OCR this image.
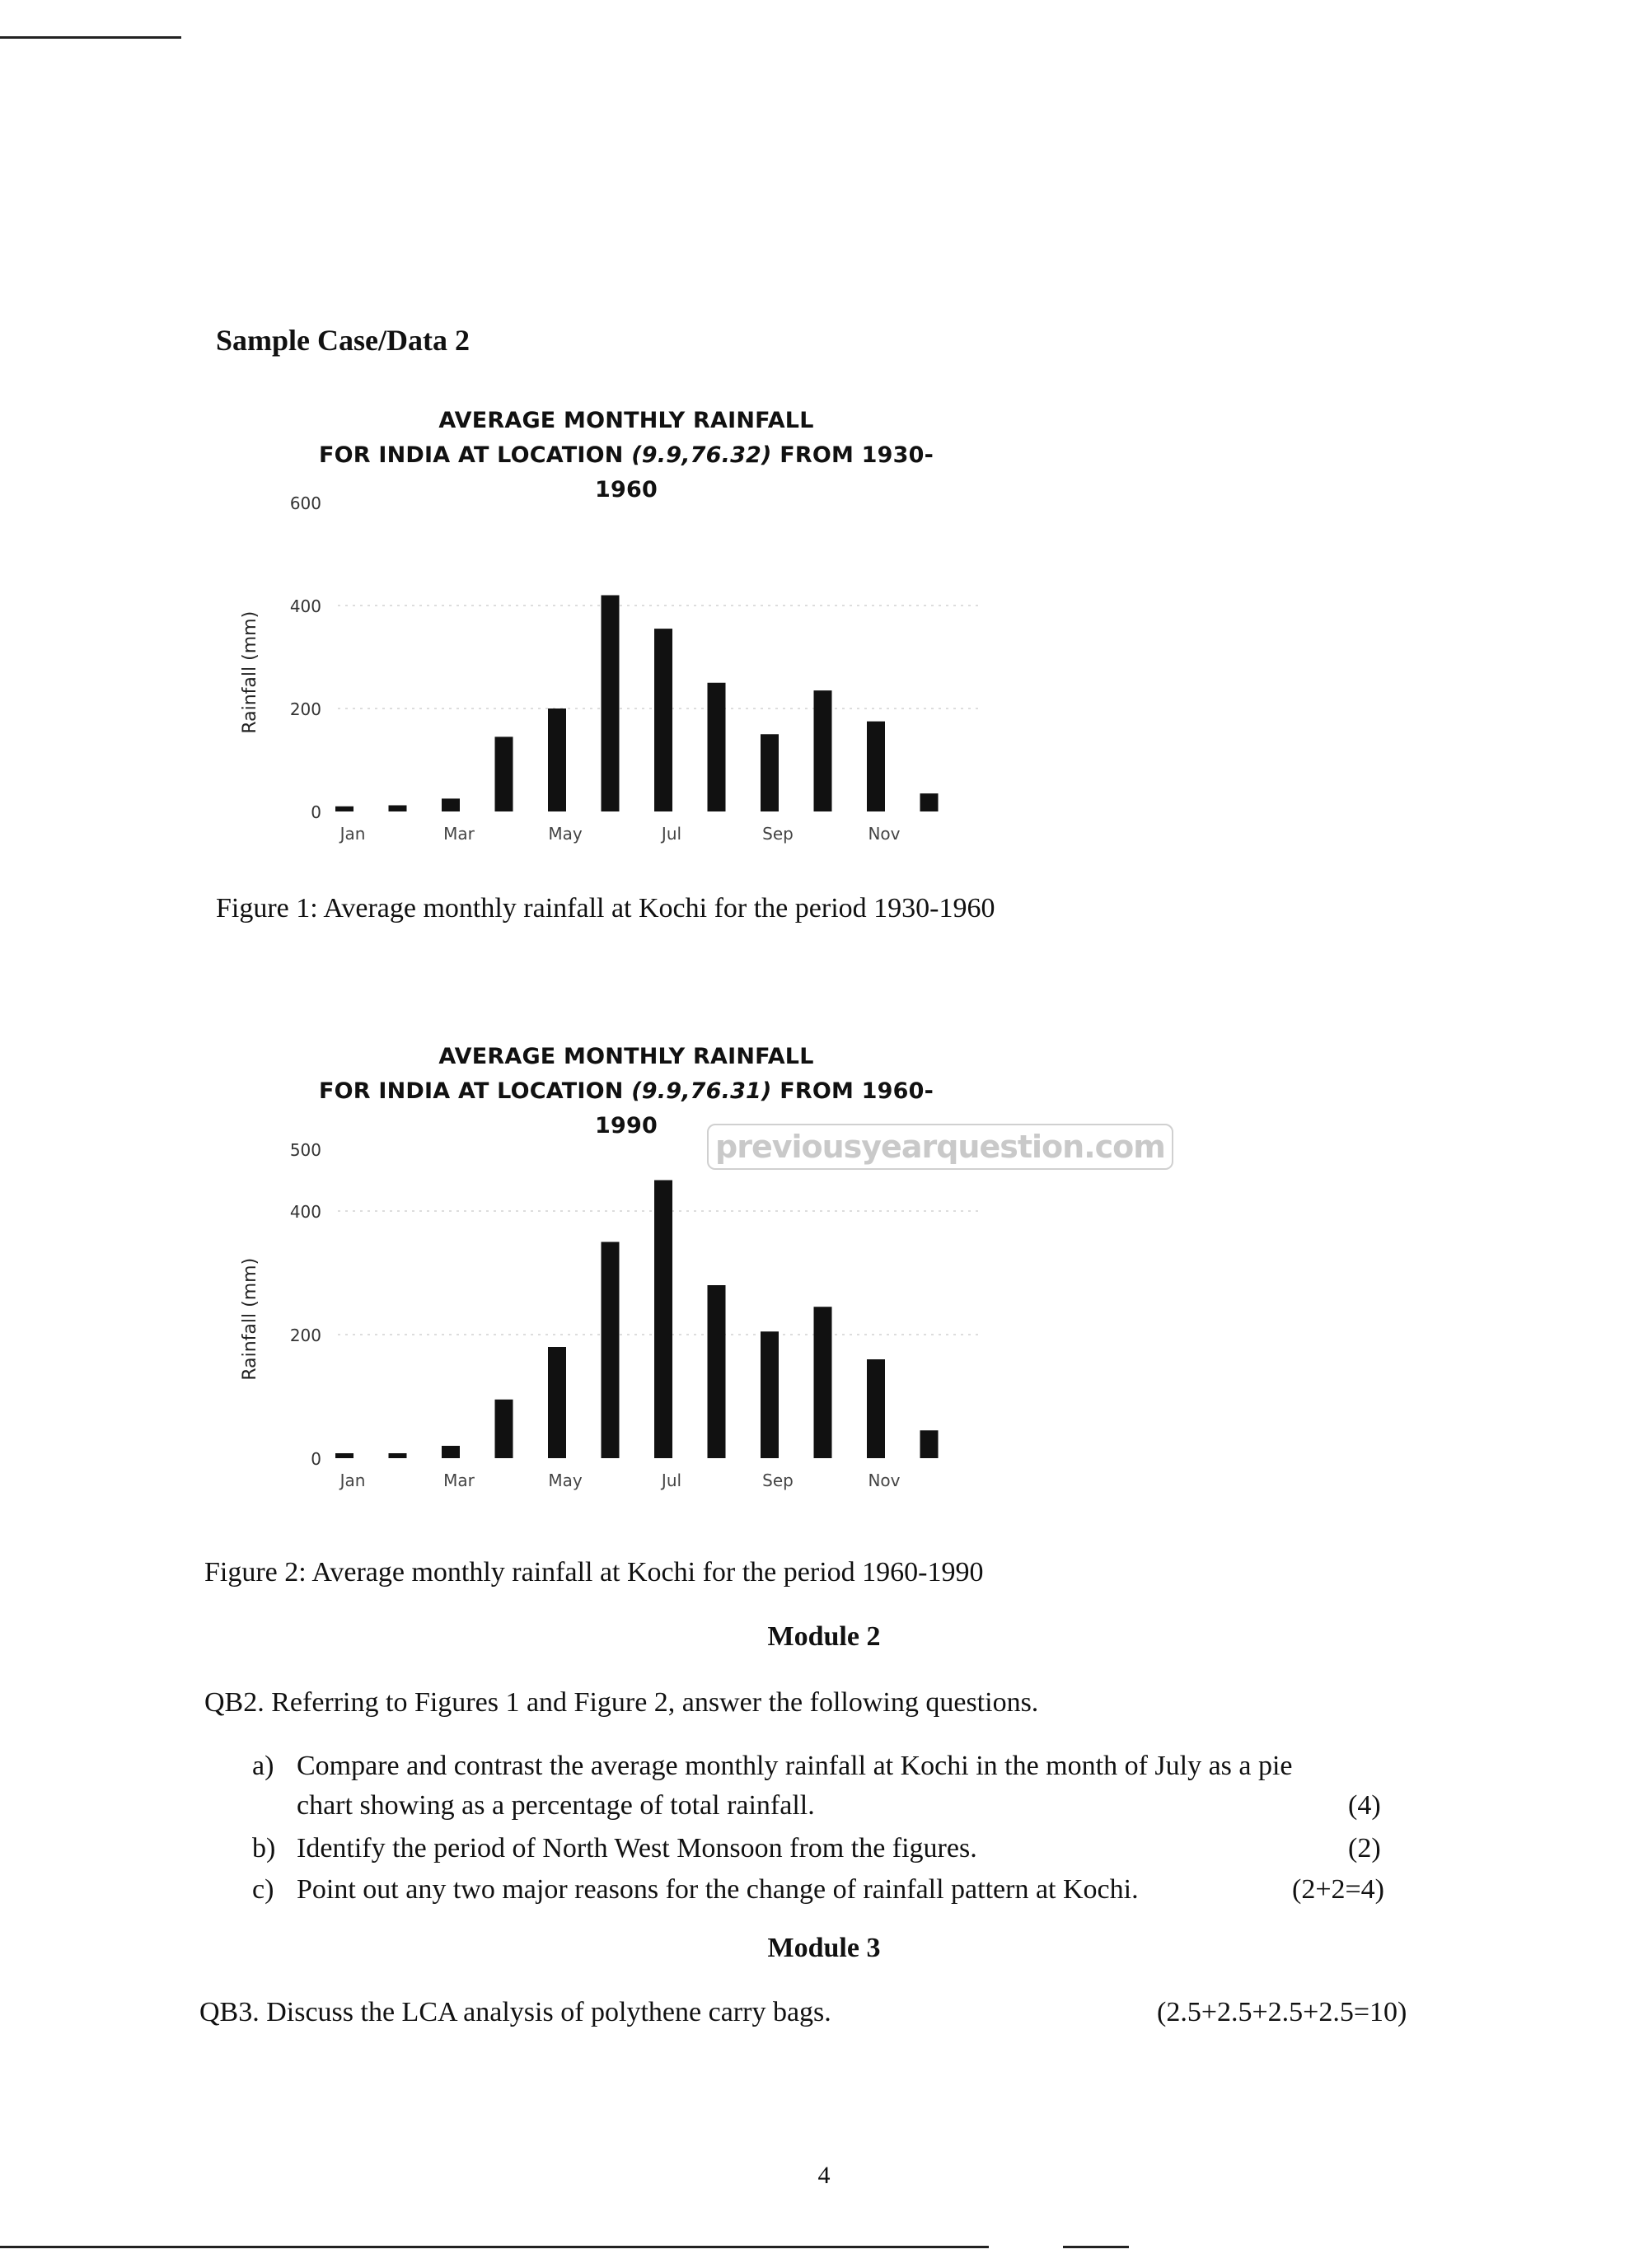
Sample Case/Data 2
AVERAGE MONTHLY RAINFALL
FOR INDIA AT LOCATION (9.9,76.32) FROM 1930-1960
0
200
400
600
Rainfall (mm)
Jan	Mar	May	Jul	Sep	Nov
Figure 1: Average monthly rainfall at Kochi for the period 1930-1960
AVERAGE MONTHLY RAINFALL
FOR INDIA AT LOCATION (9.9,76.31) FROM 1960-1990
previousyearquestion.com
0
200
400
500
Rainfall (mm)
Jan	Mar	May	Jul	Sep	Nov
Figure 2: Average monthly rainfall at Kochi for the period 1960-1990
Module 2
QB2. Referring to Figures 1 and Figure 2, answer the following questions.
a) Compare and contrast the average monthly rainfall at Kochi in the month of July as a pie
chart showing as a percentage of total rainfall.	(4)
b) Identify the period of North West Monsoon from the figures.	(2)
c) Point out any two major reasons for the change of rainfall pattern at Kochi.	(2+2=4)
Module 3
QB3. Discuss the LCA analysis of polythene carry bags.	(2.5+2.5+2.5+2.5=10)
4
